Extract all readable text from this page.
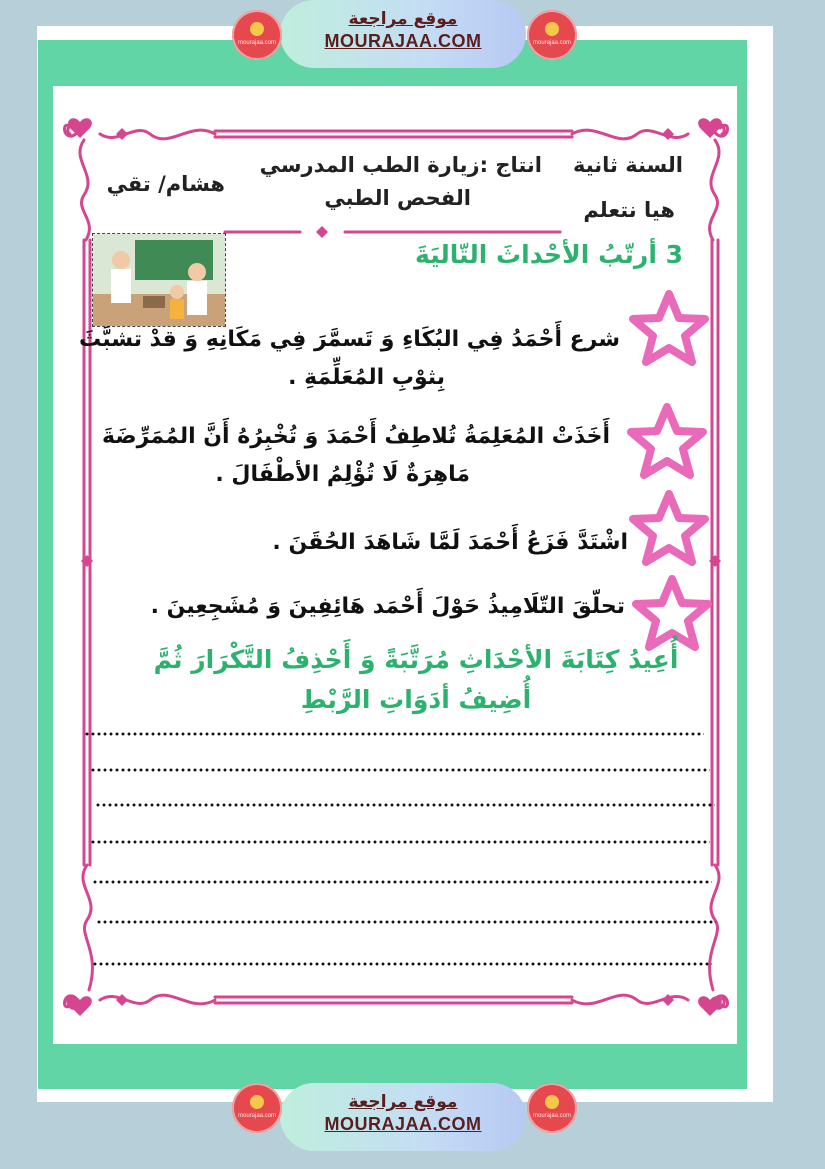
موقع مراجعة
MOURAJAA.COM
mourajaa.com	mourajaa.com
السنة ثانية
هيا نتعلم
انتاج :زيارة الطب المدرسي
الفحص الطبي
هشام/ تقي
3 أرتّبُ الأحْداثَ التّاليَةَ
شرع أَحْمَدُ فِي البُكَاءِ وَ تَسمَّرَ فِي مَكَانِهِ وَ قدْ تشبَّثَ
بِثوْبِ المُعَلِّمَةِ .
أَخَذَتْ المُعَلِمَةُ تُلاطِفُ أَحْمَدَ وَ تُخْبِرُهُ أَنَّ المُمَرِّضَةَ
مَاهِرَةٌ لَا تُؤْلِمُ الأطْفَالَ .
اشْتَدَّ فَزَعُ أَحْمَدَ لَمَّا شَاهَدَ الحُقَنَ .
تحلّقَ التّلَامِيذُ حَوْلَ أَحْمَد هَائِفِينَ وَ مُشَجِعِينَ .
أُعِيدُ كِتَابَةَ الأحْدَاثِ مُرَتَّبَةً وَ أَحْذِفُ التَّكْرَارَ ثُمَّ
أُضِيفُ أدَوَاتِ الرَّبْطِ
موقع مراجعة
MOURAJAA.COM
mourajaa.com	mourajaa.com
